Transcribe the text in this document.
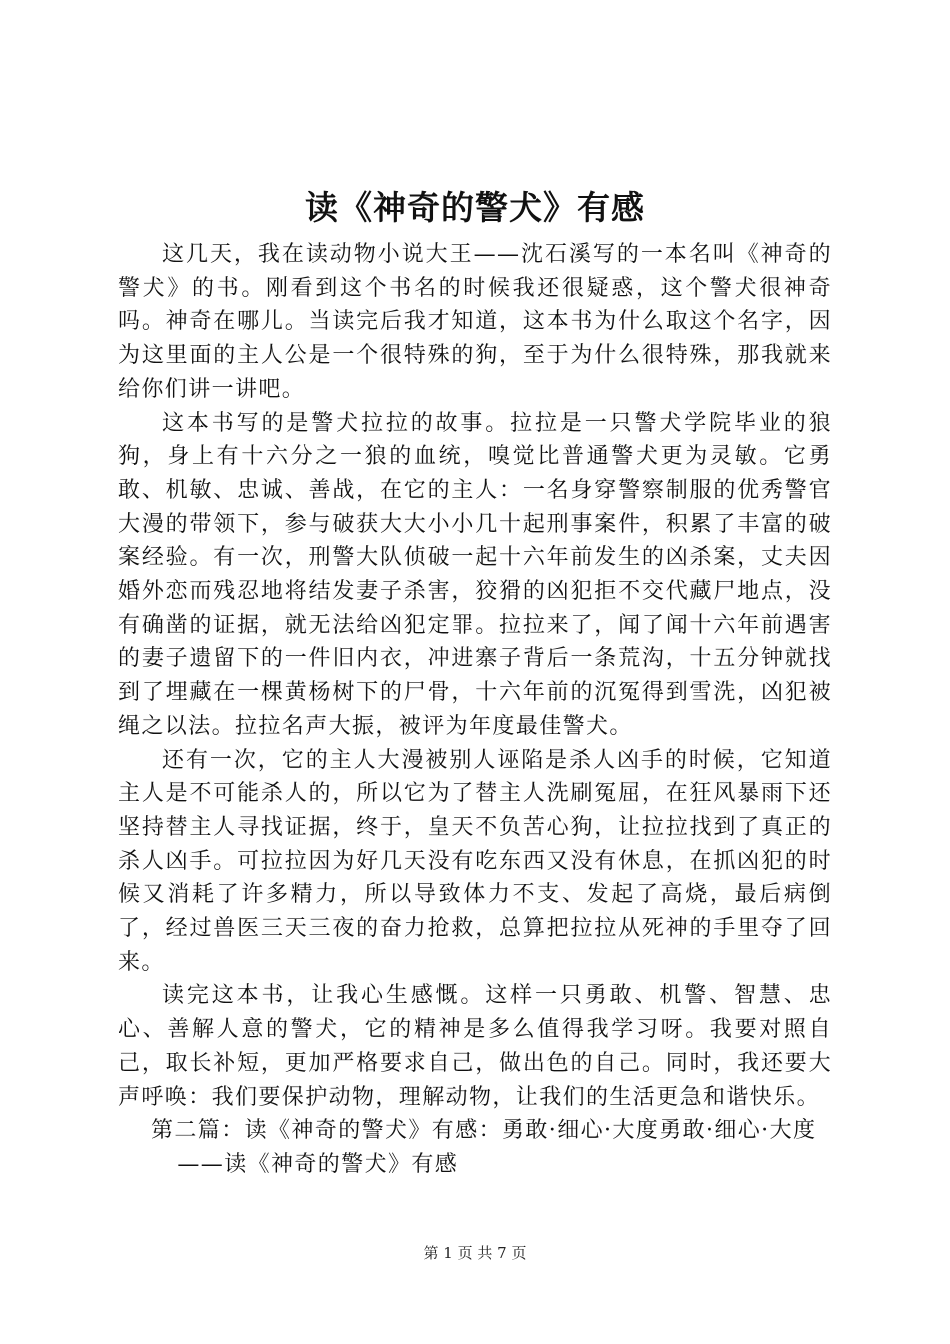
读《神奇的警犬》有感

这几天，我在读动物小说大王——沈石溪写的一本名叫《神奇的警犬》的书。刚看到这个书名的时候我还很疑惑，这个警犬很神奇吗。神奇在哪儿。当读完后我才知道，这本书为什么取这个名字，因为这里面的主人公是一个很特殊的狗，至于为什么很特殊，那我就来给你们讲一讲吧。

这本书写的是警犬拉拉的故事。拉拉是一只警犬学院毕业的狼狗，身上有十六分之一狼的血统，嗅觉比普通警犬更为灵敏。它勇敢、机敏、忠诚、善战，在它的主人：一名身穿警察制服的优秀警官大漫的带领下，参与破获大大小小几十起刑事案件，积累了丰富的破案经验。有一次，刑警大队侦破一起十六年前发生的凶杀案，丈夫因婚外恋而残忍地将结发妻子杀害，狡猾的凶犯拒不交代藏尸地点，没有确凿的证据，就无法给凶犯定罪。拉拉来了，闻了闻十六年前遇害的妻子遗留下的一件旧内衣，冲进寨子背后一条荒沟，十五分钟就找到了埋藏在一棵黄杨树下的尸骨，十六年前的沉冤得到雪洗，凶犯被绳之以法。拉拉名声大振，被评为年度最佳警犬。

还有一次，它的主人大漫被别人诬陷是杀人凶手的时候，它知道主人是不可能杀人的，所以它为了替主人洗刷冤屈，在狂风暴雨下还坚持替主人寻找证据，终于，皇天不负苦心狗，让拉拉找到了真正的杀人凶手。可拉拉因为好几天没有吃东西又没有休息，在抓凶犯的时候又消耗了许多精力，所以导致体力不支、发起了高烧，最后病倒了，经过兽医三天三夜的奋力抢救，总算把拉拉从死神的手里夺了回来。

读完这本书，让我心生感慨。这样一只勇敢、机警、智慧、忠心、善解人意的警犬，它的精神是多么值得我学习呀。我要对照自己，取长补短，更加严格要求自己，做出色的自己。同时，我还要大声呼唤：我们要保护动物，理解动物，让我们的生活更急和谐快乐。

第二篇：读《神奇的警犬》有感：勇敢·细心·大度勇敢·细心·大度

——读《神奇的警犬》有感

第 1 页 共 7 页
